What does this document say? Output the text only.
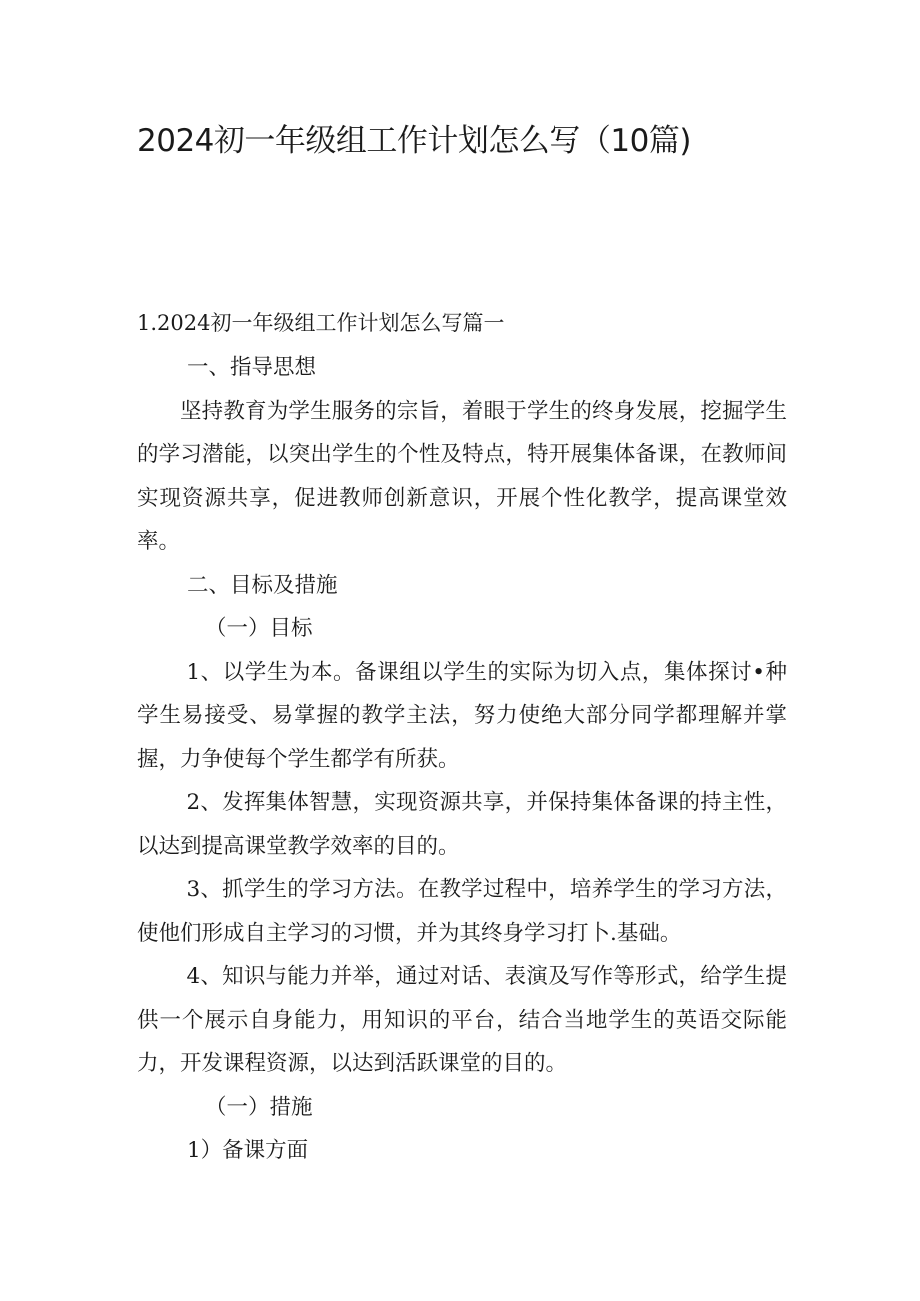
2024初一年级组工作计划怎么写（10篇)
1.2024初一年级组工作计划怎么写篇一

一、指导思想

坚持教育为学生服务的宗旨，着眼于学生的终身发展，挖掘学生的学习潜能，以突出学生的个性及特点，特开展集体备课，在教师间实现资源共享，促进教师创新意识，开展个性化教学，提高课堂效率。

二、目标及措施

（一）目标

1、以学生为本。备课组以学生的实际为切入点，集体探讨•种学生易接受、易掌握的教学主法，努力使绝大部分同学都理解并掌握，力争使每个学生都学有所获。

2、发挥集体智慧，实现资源共享，并保持集体备课的持主性，以达到提高课堂教学效率的目的。

3、抓学生的学习方法。在教学过程中，培养学生的学习方法，使他们形成自主学习的习惯，并为其终身学习打卜.基础。

4、知识与能力并举，通过对话、表演及写作等形式，给学生提供一个展示自身能力，用知识的平台，结合当地学生的英语交际能力，开发课程资源，以达到活跃课堂的目的。

（一）措施

1）备课方面
